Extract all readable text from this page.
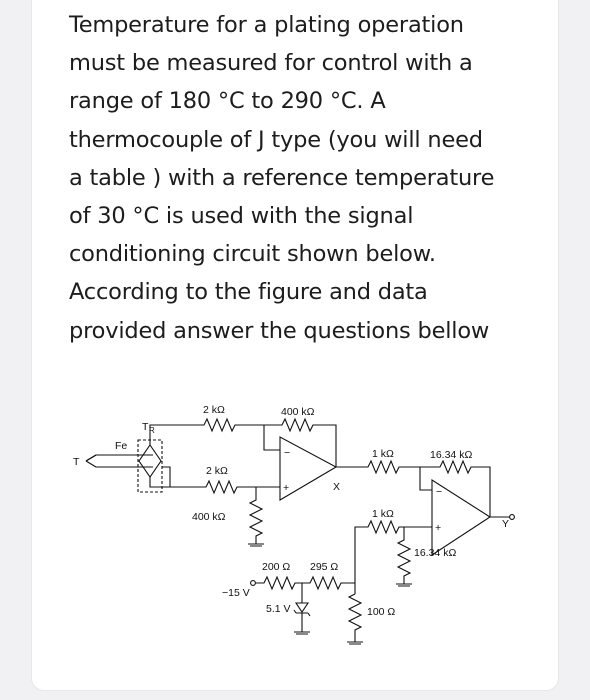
Temperature for a plating operation
must be measured for control with a
range of 180 °C to 290 °C. A
thermocouple of J type (you will need
a table ) with a reference temperature
of 30 °C is used with the signal
conditioning circuit shown below.
According to the figure and data
provided answer the questions bellow
T
T R
Fe
2 kΩ
2 kΩ
400 kΩ
400 kΩ
−
+	X
1 kΩ
1 kΩ
16.34 kΩ
−
+	Y
16.34 kΩ
200 Ω 295 Ω
−15 V
5.1 V	100 Ω
